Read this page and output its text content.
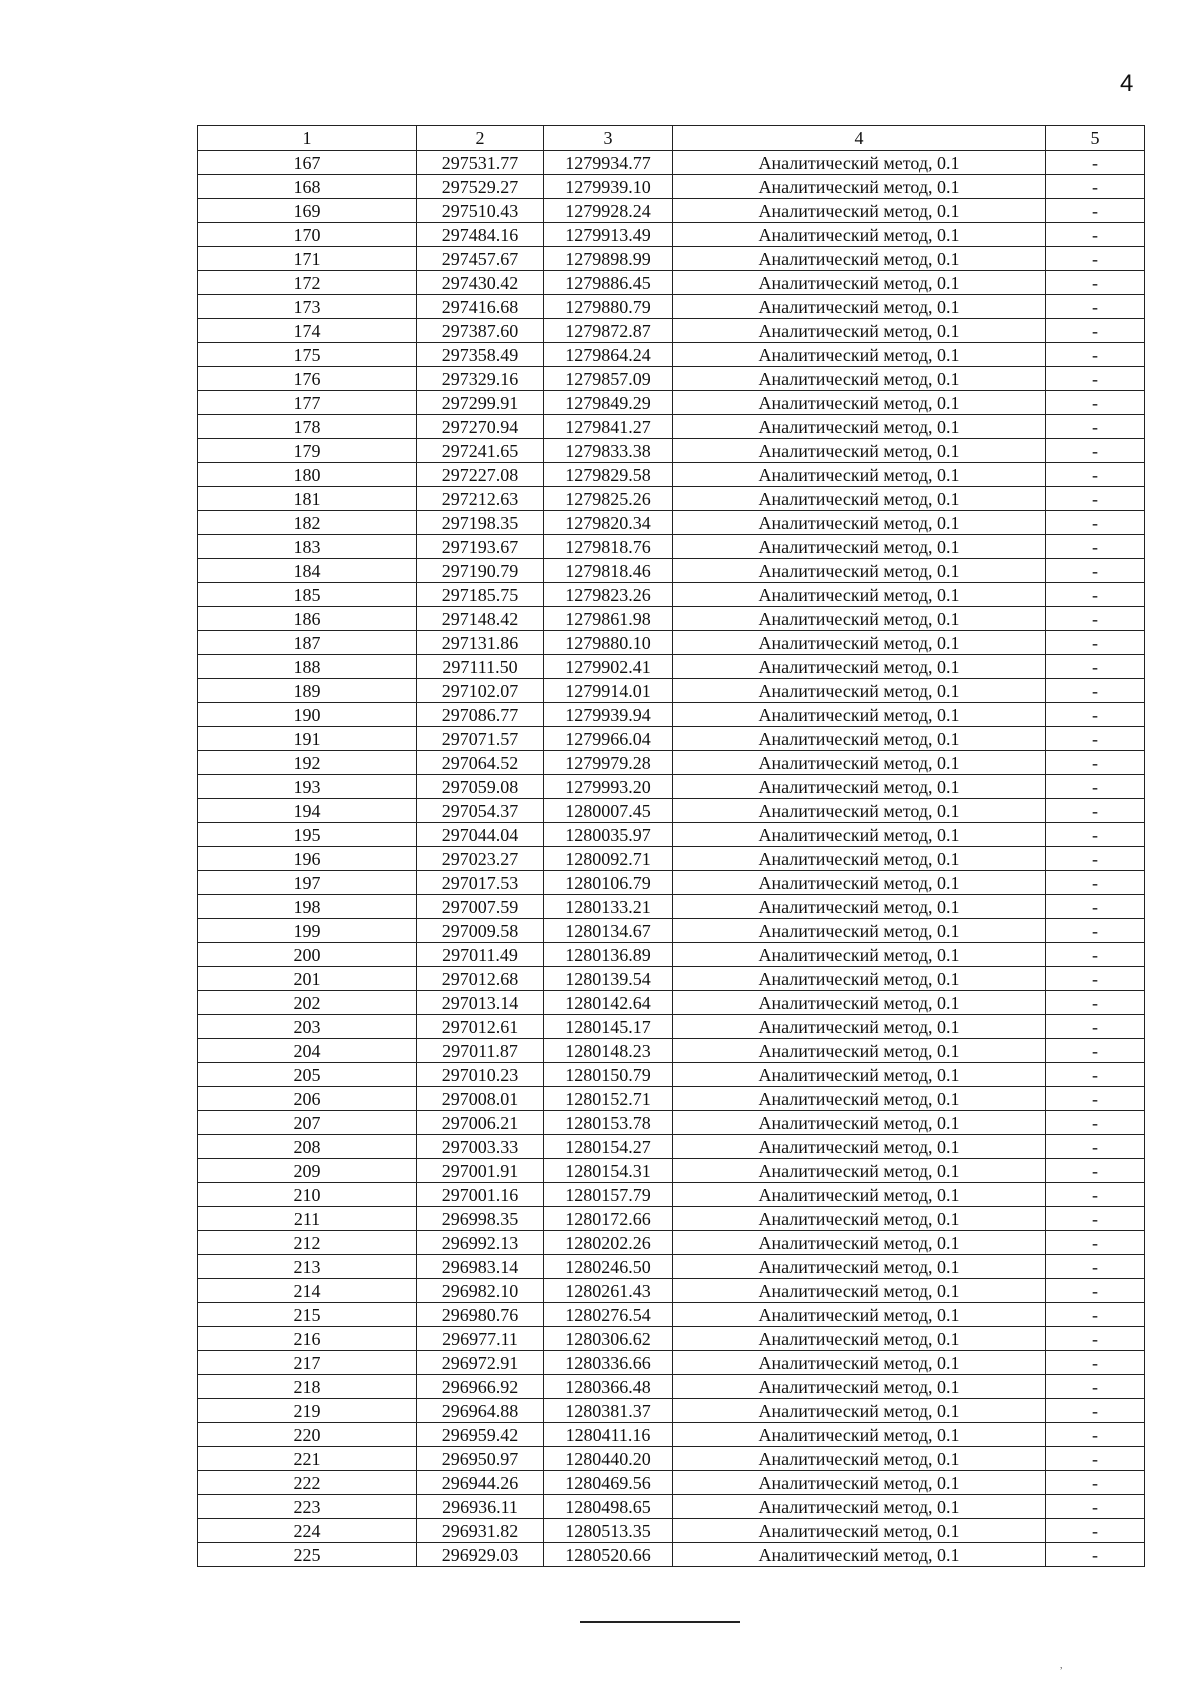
4
1	2	3	4	5
167	297531.77	1279934.77	Аналитический метод, 0.1	-
168	297529.27	1279939.10	Аналитический метод, 0.1	-
169	297510.43	1279928.24	Аналитический метод, 0.1	-
170	297484.16	1279913.49	Аналитический метод, 0.1	-
171	297457.67	1279898.99	Аналитический метод, 0.1	-
172	297430.42	1279886.45	Аналитический метод, 0.1	-
173	297416.68	1279880.79	Аналитический метод, 0.1	-
174	297387.60	1279872.87	Аналитический метод, 0.1	-
175	297358.49	1279864.24	Аналитический метод, 0.1	-
176	297329.16	1279857.09	Аналитический метод, 0.1	-
177	297299.91	1279849.29	Аналитический метод, 0.1	-
178	297270.94	1279841.27	Аналитический метод, 0.1	-
179	297241.65	1279833.38	Аналитический метод, 0.1	-
180	297227.08	1279829.58	Аналитический метод, 0.1	-
181	297212.63	1279825.26	Аналитический метод, 0.1	-
182	297198.35	1279820.34	Аналитический метод, 0.1	-
183	297193.67	1279818.76	Аналитический метод, 0.1	-
184	297190.79	1279818.46	Аналитический метод, 0.1	-
185	297185.75	1279823.26	Аналитический метод, 0.1	-
186	297148.42	1279861.98	Аналитический метод, 0.1	-
187	297131.86	1279880.10	Аналитический метод, 0.1	-
188	297111.50	1279902.41	Аналитический метод, 0.1	-
189	297102.07	1279914.01	Аналитический метод, 0.1	-
190	297086.77	1279939.94	Аналитический метод, 0.1	-
191	297071.57	1279966.04	Аналитический метод, 0.1	-
192	297064.52	1279979.28	Аналитический метод, 0.1	-
193	297059.08	1279993.20	Аналитический метод, 0.1	-
194	297054.37	1280007.45	Аналитический метод, 0.1	-
195	297044.04	1280035.97	Аналитический метод, 0.1	-
196	297023.27	1280092.71	Аналитический метод, 0.1	-
197	297017.53	1280106.79	Аналитический метод, 0.1	-
198	297007.59	1280133.21	Аналитический метод, 0.1	-
199	297009.58	1280134.67	Аналитический метод, 0.1	-
200	297011.49	1280136.89	Аналитический метод, 0.1	-
201	297012.68	1280139.54	Аналитический метод, 0.1	-
202	297013.14	1280142.64	Аналитический метод, 0.1	-
203	297012.61	1280145.17	Аналитический метод, 0.1	-
204	297011.87	1280148.23	Аналитический метод, 0.1	-
205	297010.23	1280150.79	Аналитический метод, 0.1	-
206	297008.01	1280152.71	Аналитический метод, 0.1	-
207	297006.21	1280153.78	Аналитический метод, 0.1	-
208	297003.33	1280154.27	Аналитический метод, 0.1	-
209	297001.91	1280154.31	Аналитический метод, 0.1	-
210	297001.16	1280157.79	Аналитический метод, 0.1	-
211	296998.35	1280172.66	Аналитический метод, 0.1	-
212	296992.13	1280202.26	Аналитический метод, 0.1	-
213	296983.14	1280246.50	Аналитический метод, 0.1	-
214	296982.10	1280261.43	Аналитический метод, 0.1	-
215	296980.76	1280276.54	Аналитический метод, 0.1	-
216	296977.11	1280306.62	Аналитический метод, 0.1	-
217	296972.91	1280336.66	Аналитический метод, 0.1	-
218	296966.92	1280366.48	Аналитический метод, 0.1	-
219	296964.88	1280381.37	Аналитический метод, 0.1	-
220	296959.42	1280411.16	Аналитический метод, 0.1	-
221	296950.97	1280440.20	Аналитический метод, 0.1	-
222	296944.26	1280469.56	Аналитический метод, 0.1	-
223	296936.11	1280498.65	Аналитический метод, 0.1	-
224	296931.82	1280513.35	Аналитический метод, 0.1	-
225	296929.03	1280520.66	Аналитический метод, 0.1	-
,
